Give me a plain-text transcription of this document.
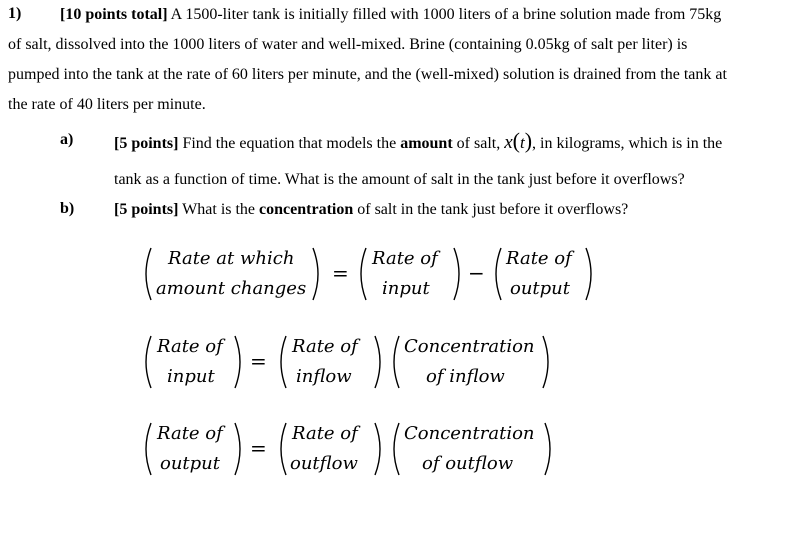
1) [10 points total] A 1500-liter tank is initially filled with 1000 liters of a brine solution made from 75kg
of salt, dissolved into the 1000 liters of water and well-mixed. Brine (containing 0.05kg of salt per liter) is
pumped into the tank at the rate of 60 liters per minute, and the (well-mixed) solution is drained from the tank at
the rate of 40 liters per minute.
a)	[5 points] Find the equation that models the amount of salt, x(t), in kilograms, which is in the
tank as a function of time. What is the amount of salt in the tank just before it overflows?
b) [5 points] What is the concentration of salt in the tank just before it overflows?
Rate at which
amount changes
=
Rate of
input
−
Rate of
output
Rate of
input
=
Rate of
inflow
Concentration
of inflow
Rate of
output
=
Rate of
outflow
Concentration
of outflow
